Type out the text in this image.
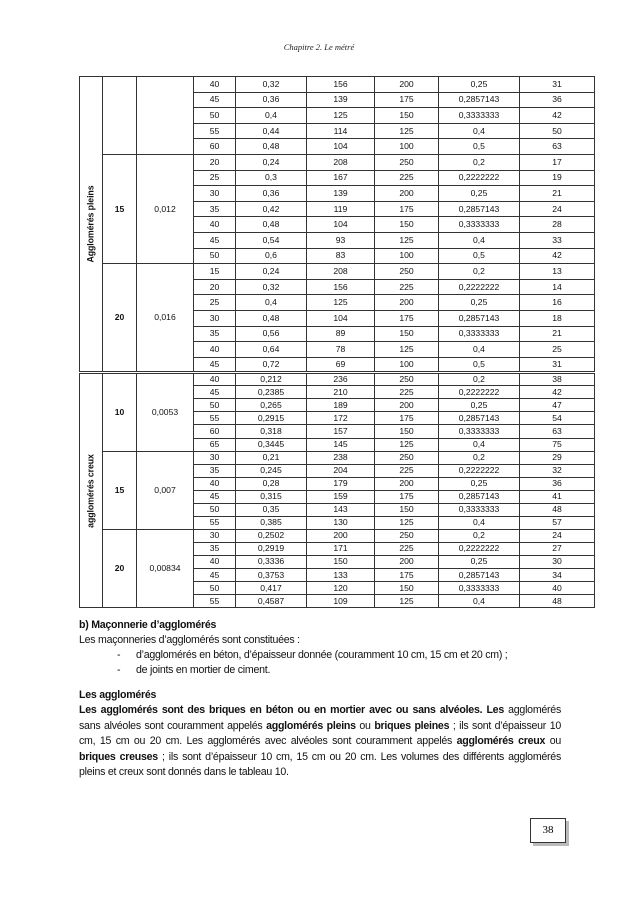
Chapitre 2. Le métré
Agglomérés pleins			40	0,32	156	200	0,25	31
			45	0,36	139	175	0,2857143	36
			50	0,4	125	150	0,3333333	42
			55	0,44	114	125	0,4	50
			60	0,48	104	100	0,5	63
	15	0,012	20	0,24	208	250	0,2	17
			25	0,3	167	225	0,2222222	19
			30	0,36	139	200	0,25	21
			35	0,42	119	175	0,2857143	24
			40	0,48	104	150	0,3333333	28
			45	0,54	93	125	0,4	33
			50	0,6	83	100	0,5	42
	20	0,016	15	0,24	208	250	0,2	13
			20	0,32	156	225	0,2222222	14
			25	0,4	125	200	0,25	16
			30	0,48	104	175	0,2857143	18
			35	0,56	89	150	0,3333333	21
			40	0,64	78	125	0,4	25
			45	0,72	69	100	0,5	31

agglomérés creux	10	0,0053	40	0,212	236	250	0,2	38
			45	0,2385	210	225	0,2222222	42
			50	0,265	189	200	0,25	47
			55	0,2915	172	175	0,2857143	54
			60	0,318	157	150	0,3333333	63
			65	0,3445	145	125	0,4	75
	15	0,007	30	0,21	238	250	0,2	29
			35	0,245	204	225	0,2222222	32
			40	0,28	179	200	0,25	36
			45	0,315	159	175	0,2857143	41
			50	0,35	143	150	0,3333333	48
			55	0,385	130	125	0,4	57
	20	0,00834	30	0,2502	200	250	0,2	24
			35	0,2919	171	225	0,2222222	27
			40	0,3336	150	200	0,25	30
			45	0,3753	133	175	0,2857143	34
			50	0,417	120	150	0,3333333	40
			55	0,4587	109	125	0,4	48

b) Maçonnerie d’agglomérés

Les maçonneries d’agglomérés sont constituées :

- d’agglomérés en béton, d’épaisseur donnée (couramment 10 cm, 15 cm et 20 cm) ;
- de joints en mortier de ciment.

Les agglomérés

Les agglomérés sont des briques en béton ou en mortier avec ou sans alvéoles. Les agglomérés sans alvéoles sont couramment appelés agglomérés pleins ou briques pleines ; ils sont d’épaisseur 10 cm, 15 cm ou 20 cm. Les agglomérés avec alvéoles sont couramment appelés agglomérés creux ou briques creuses ; ils sont d’épaisseur 10 cm, 15 cm ou 20 cm. Les volumes des différents agglomérés pleins et creux sont donnés dans le tableau 10.

38
